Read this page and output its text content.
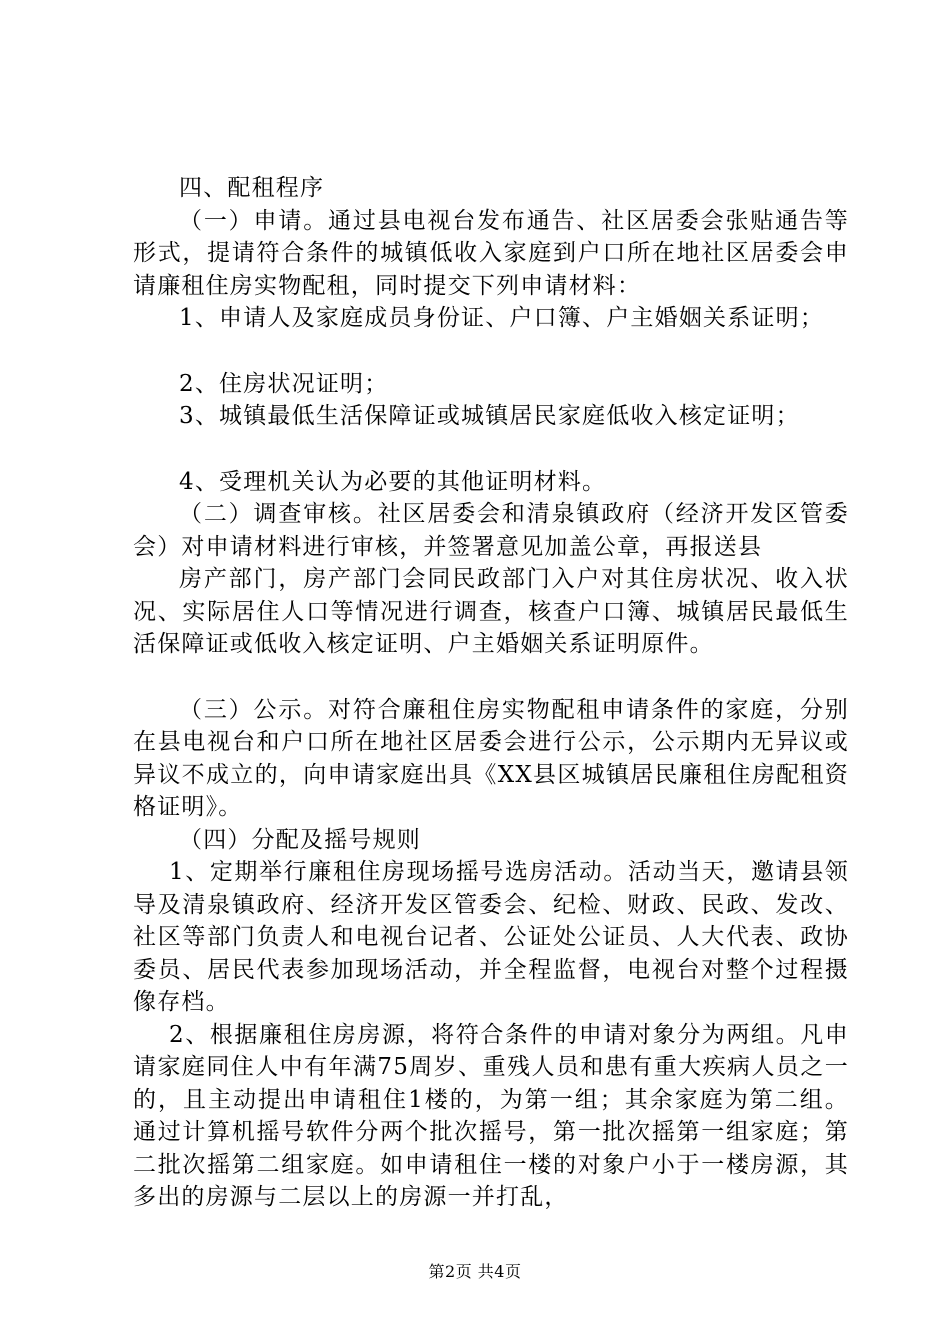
四、配租程序

（一）申请。通过县电视台发布通告、社区居委会张贴通告等形式，提请符合条件的城镇低收入家庭到户口所在地社区居委会申请廉租住房实物配租，同时提交下列申请材料：

1、申请人及家庭成员身份证、户口簿、户主婚姻关系证明；

2、住房状况证明；

3、城镇最低生活保障证或城镇居民家庭低收入核定证明；

4、受理机关认为必要的其他证明材料。

（二）调查审核。社区居委会和清泉镇政府（经济开发区管委会）对申请材料进行审核，并签署意见加盖公章，再报送县

房产部门，房产部门会同民政部门入户对其住房状况、收入状况、实际居住人口等情况进行调查，核查户口簿、城镇居民最低生活保障证或低收入核定证明、户主婚姻关系证明原件。

（三）公示。对符合廉租住房实物配租申请条件的家庭，分别在县电视台和户口所在地社区居委会进行公示，公示期内无异议或异议不成立的，向申请家庭出具《XX县区城镇居民廉租住房配租资格证明》。

（四）分配及摇号规则

1、定期举行廉租住房现场摇号选房活动。活动当天，邀请县领导及清泉镇政府、经济开发区管委会、纪检、财政、民政、发改、社区等部门负责人和电视台记者、公证处公证员、人大代表、政协委员、居民代表参加现场活动，并全程监督，电视台对整个过程摄像存档。

2、根据廉租住房房源，将符合条件的申请对象分为两组。凡申请家庭同住人中有年满75周岁、重残人员和患有重大疾病人员之一的，且主动提出申请租住1楼的，为第一组；其余家庭为第二组。通过计算机摇号软件分两个批次摇号，第一批次摇第一组家庭；第二批次摇第二组家庭。如申请租住一楼的对象户小于一楼房源，其多出的房源与二层以上的房源一并打乱，

第2页 共4页
